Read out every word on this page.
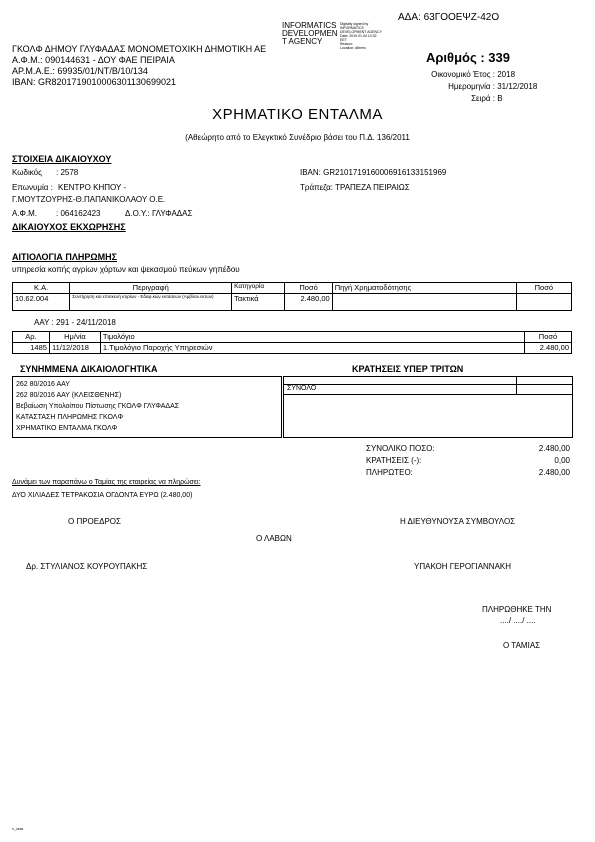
ΑΔΑ: 63ΓΟΟΕΨΖ-42Ο
INFORMATICS
DEVELOPMEN
T AGENCY
Digitally signed by
INFORMATICS
DEVELOPMENT AGENCY
Date: 2019.01.04 14:32
EET
Reason:
Location: Athens
ΓΚΟΛΦ ΔΗΜΟΥ ΓΛΥΦΑΔΑΣ ΜΟΝΟΜΕΤΟΧΙΚΗ ΔΗΜΟΤΙΚΗ ΑΕ
Α.Φ.Μ.: 090144631 - ΔΟΥ ΦΑΕ ΠΕΙΡΑΙΑ
ΑΡ.Μ.Α.Ε.: 69935/01/ΝΤ/Β/10/134
IBAN: GR8201719010006301130699021
Αριθμός : 339
Οικονομικό Έτος : 2018
Ημερομηνία : 31/12/2018
Σειρά : Β
ΧΡΗΜΑΤΙΚΟ ΕΝΤΑΛΜΑ
(Αθεώρητο από το Ελεγκτικό Συνέδριο βάσει του Π.Δ. 136/2011
ΣΤΟΙΧΕΙΑ ΔΙΚΑΙΟΥΧΟΥ
Κωδικός : 2578	IBAN: GR2101719160006916133151969
Επωνυμία : ΚΕΝΤΡΟ ΚΗΠΟΥ -	Τράπεζα: ΤΡΑΠΕΖΑ ΠΕΙΡΑΙΩΣ
Γ.ΜΟΥΤΖΟΥΡΗΣ-Θ.ΠΑΠΑΝΙΚΟΛΑΟΥ Ο.Ε.
Α.Φ.Μ. : 064162423	Δ.Ο.Υ.: ΓΛΥΦΑΔΑΣ
ΔΙΚΑΙΟΥΧΟΣ ΕΚΧΩΡΗΣΗΣ
ΑΙΤΙΟΛΟΓΙΑ ΠΛΗΡΩΜΗΣ
υπηρεσία κοπής αγρίων χόρτων και ψεκασμού πεύκων γηπέδου
Κ.Α.	Περιγραφή	Κατηγορία	Ποσό	Πηγή Χρηματοδότησης	Ποσό
10.62.004	Συντήρηση και επισκευή κτιρίων - Εδαφ.κών εκτάσεων (Αμβλαν.εκτων)	Τακτικά	2.480,00		
ΑΑΥ : 291 - 24/11/2018
Αρ.	Ημ/νία	Τιμολόγιο	Ποσό
1485	11/12/2018	1.Τιμολόγιο Παροχής Υπηρεσιών	2.480,00
ΣΥΝΗΜΜΕΝΑ ΔΙΚΑΙΟΛΟΓΗΤΙΚΑ	ΚΡΑΤΗΣΕΙΣ ΥΠΕΡ ΤΡΙΤΩΝ
262 80/2016 ΑΑΥ
262 80/2016 ΑΑΥ (ΚΛΕΙΣΘΕΝΗΣ)
Βεβαίωση Υπολοίπου Πίστωσης ΓΚΟΛΦ ΓΛΥΦΑΔΑΣ
ΚΑΤΑΣΤΑΣΗ ΠΛΗΡΩΜΗΣ ΓΚΟΛΦ
ΧΡΗΜΑΤΙΚΟ ΕΝΤΑΛΜΑ ΓΚΟΛΦ
ΣΥΝΟΛΟ
ΣΥΝΟΛΙΚΟ ΠΟΣΟ:	2.480,00
ΚΡΑΤΗΣΕΙΣ (-):	0,00
ΠΛΗΡΩΤΕΟ:	2.480,00
Δυνάμει των παραπάνω ο Ταμίας της εταιρείας να πληρώσει:
ΔΥΟ ΧΙΛΙΑΔΕΣ ΤΕΤΡΑΚΟΣΙΑ ΟΓΔΟΝΤΑ ΕΥΡΩ (2.480,00)
Ο ΠΡΟΕΔΡΟΣ	Η ΔΙΕΥΘΥΝΟΥΣΑ ΣΥΜΒΟΥΛΟΣ
Ο ΛΑΒΩΝ
Δρ. ΣΤΥΛΙΑΝΟΣ ΚΟΥΡΟΥΠΑΚΗΣ	ΥΠΑΚΟΗ ΓΕΡΟΓΙΑΝΝΑΚΗ
ΠΛΗΡΩΘΗΚΕ ΤΗΝ
..../ ..../ ....
Ο ΤΑΜΙΑΣ
ν_ααα
